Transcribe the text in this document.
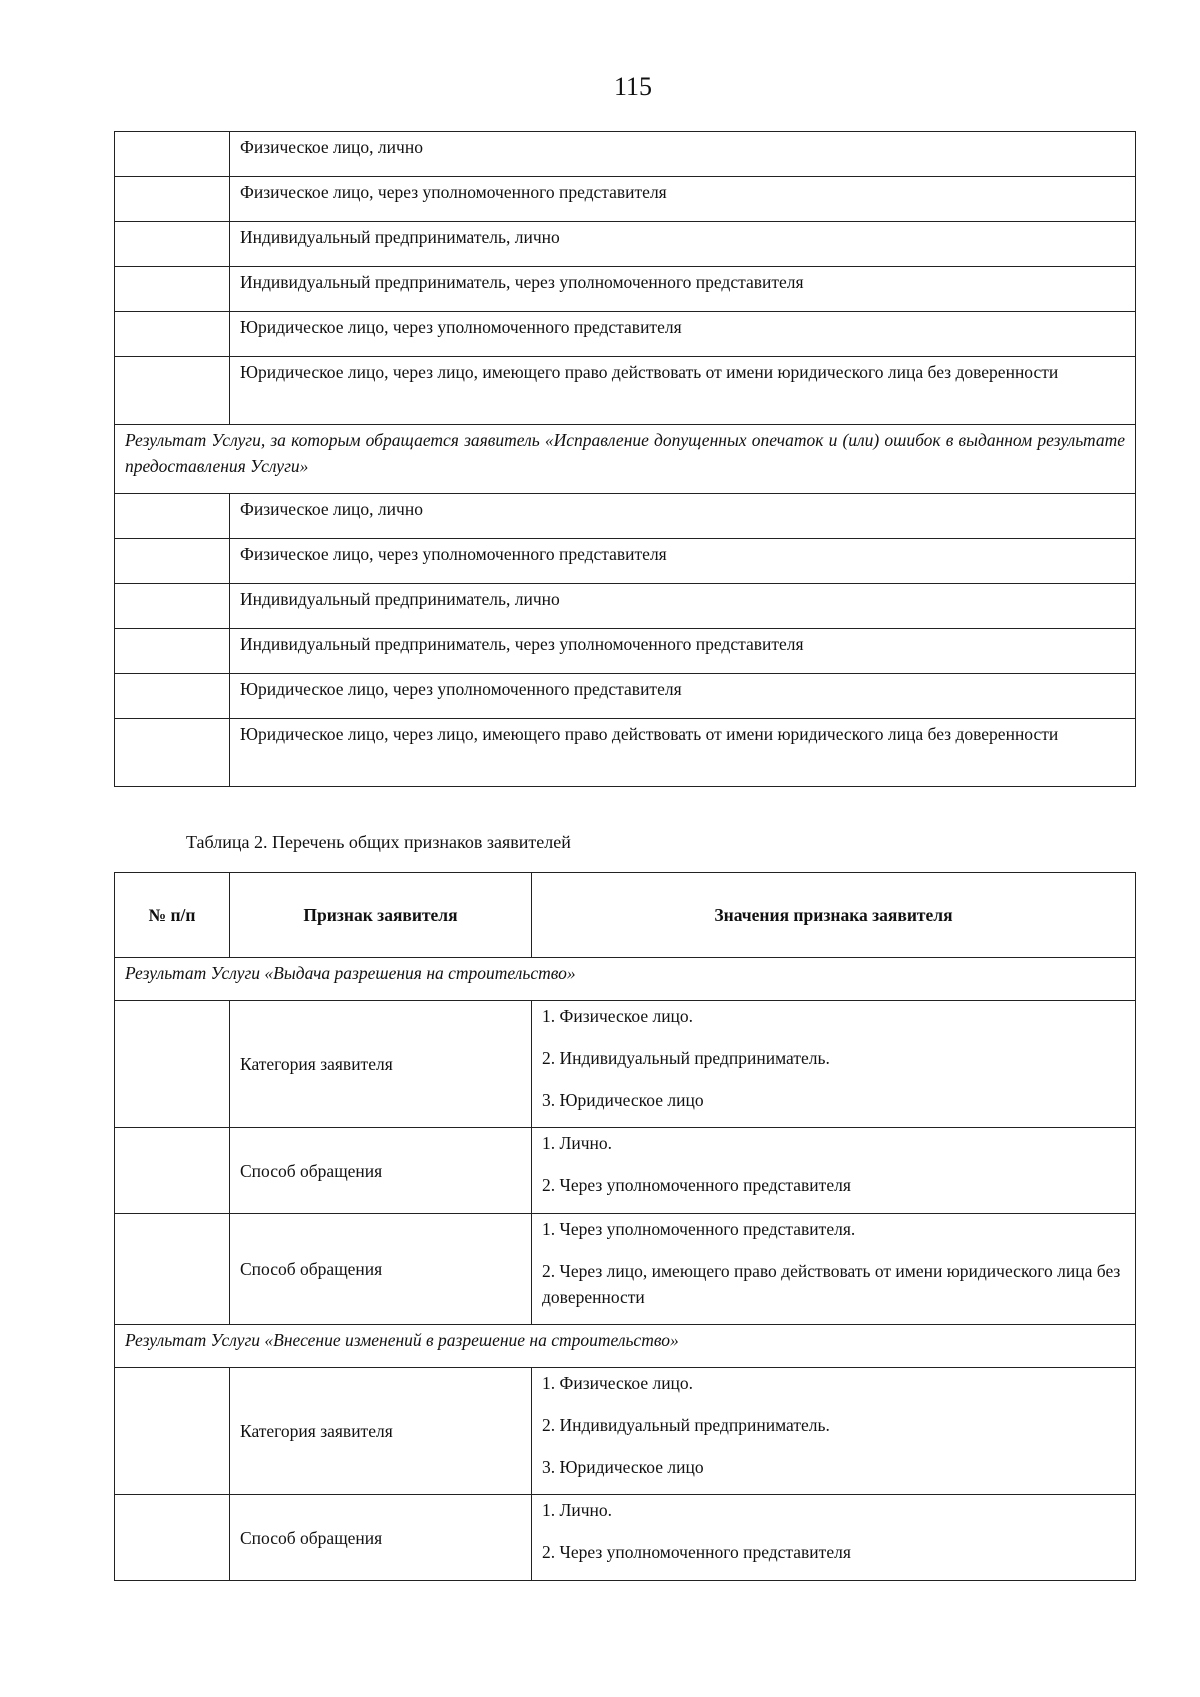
115
	Физическое лицо, лично
	Физическое лицо, через уполномоченного представителя
	Индивидуальный предприниматель, лично
	Индивидуальный предприниматель, через уполномоченного представителя
	Юридическое лицо, через уполномоченного представителя
	Юридическое лицо, через лицо, имеющего право действовать от имени юридического лица без доверенности
Результат Услуги, за которым обращается заявитель «Исправление допущенных опечаток и (или) ошибок в выданном результате предоставления Услуги»	
	Физическое лицо, лично
	Физическое лицо, через уполномоченного представителя
	Индивидуальный предприниматель, лично
	Индивидуальный предприниматель, через уполномоченного представителя
	Юридическое лицо, через уполномоченного представителя
	Юридическое лицо, через лицо, имеющего право действовать от имени юридического лица без доверенности
Таблица 2. Перечень общих признаков заявителей
№ п/п	Признак заявителя	Значения признака заявителя
Результат Услуги «Выдача разрешения на строительство»		
	Категория заявителя	1. Физическое лицо.
2. Индивидуальный предприниматель.
3. Юридическое лицо

	Способ обращения	1. Лично.
2. Через уполномоченного представителя

	Способ обращения	1. Через уполномоченного представителя.
2. Через лицо, имеющего право действовать от имени юридического лица без доверенности

Результат Услуги «Внесение изменений в разрешение на строительство»		
	Категория заявителя	1. Физическое лицо.
2. Индивидуальный предприниматель.
3. Юридическое лицо

	Способ обращения	1. Лично.
2. Через уполномоченного представителя
